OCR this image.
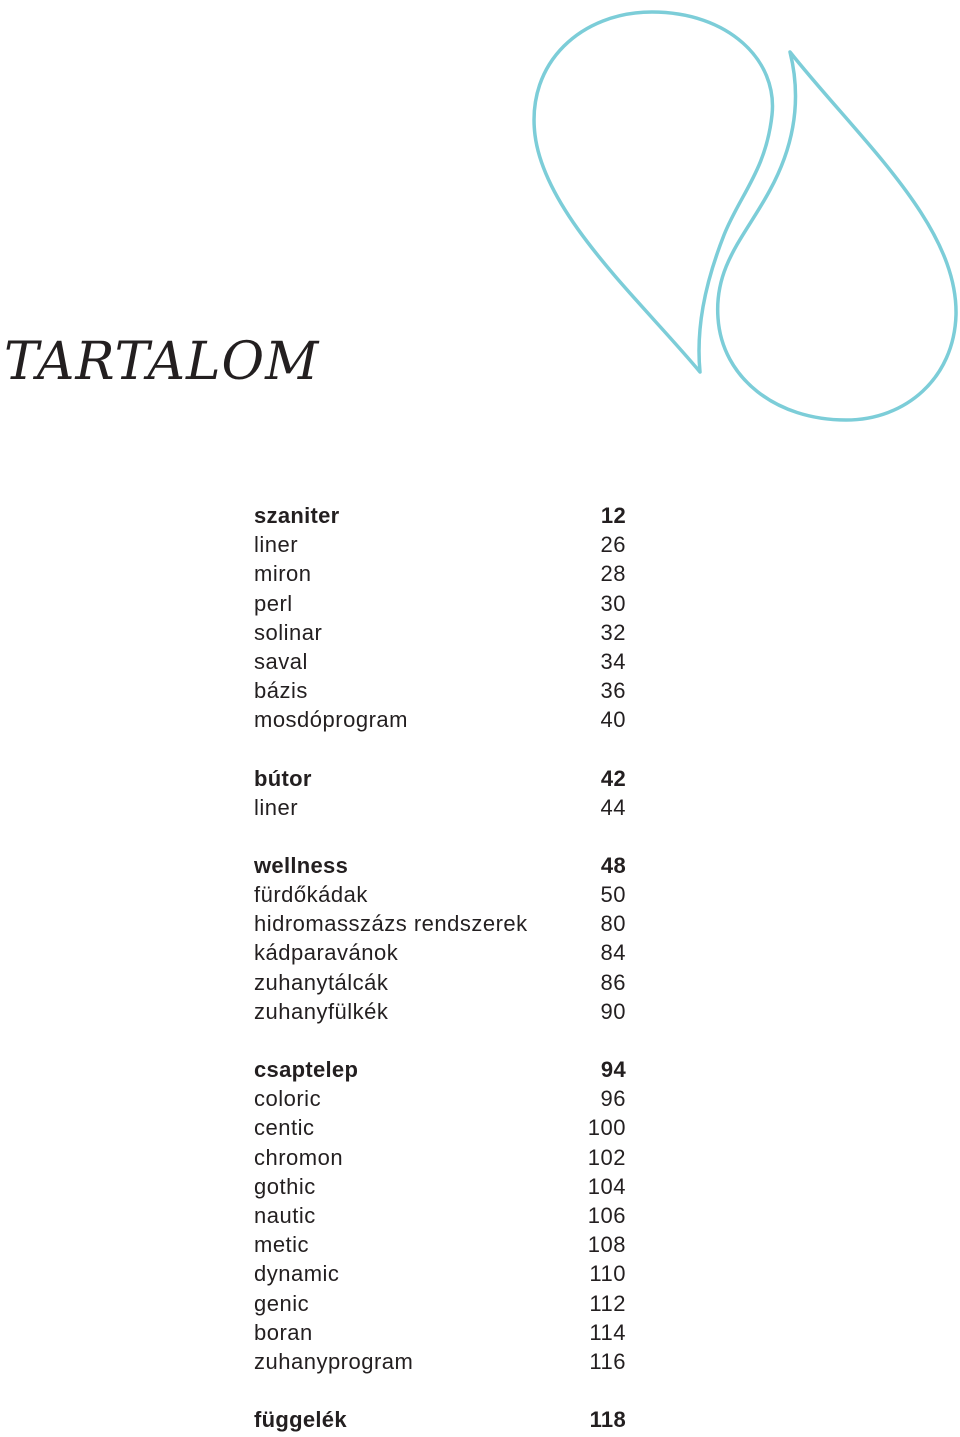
TARTALOM
szaniter	12
liner	26
miron	28
perl	30
solinar	32
saval	34
bázis	36
mosdóprogram	40
bútor	42
liner	44
wellness	48
fürdőkádak	50
hidromasszázs rendszerek	80
kádparavánok	84
zuhanytálcák	86
zuhanyfülkék	90
csaptelep	94
coloric	96
centic	100
chromon	102
gothic	104
nautic	106
metic	108
dynamic	110
genic	112
boran	114
zuhanyprogram	116
függelék	118
